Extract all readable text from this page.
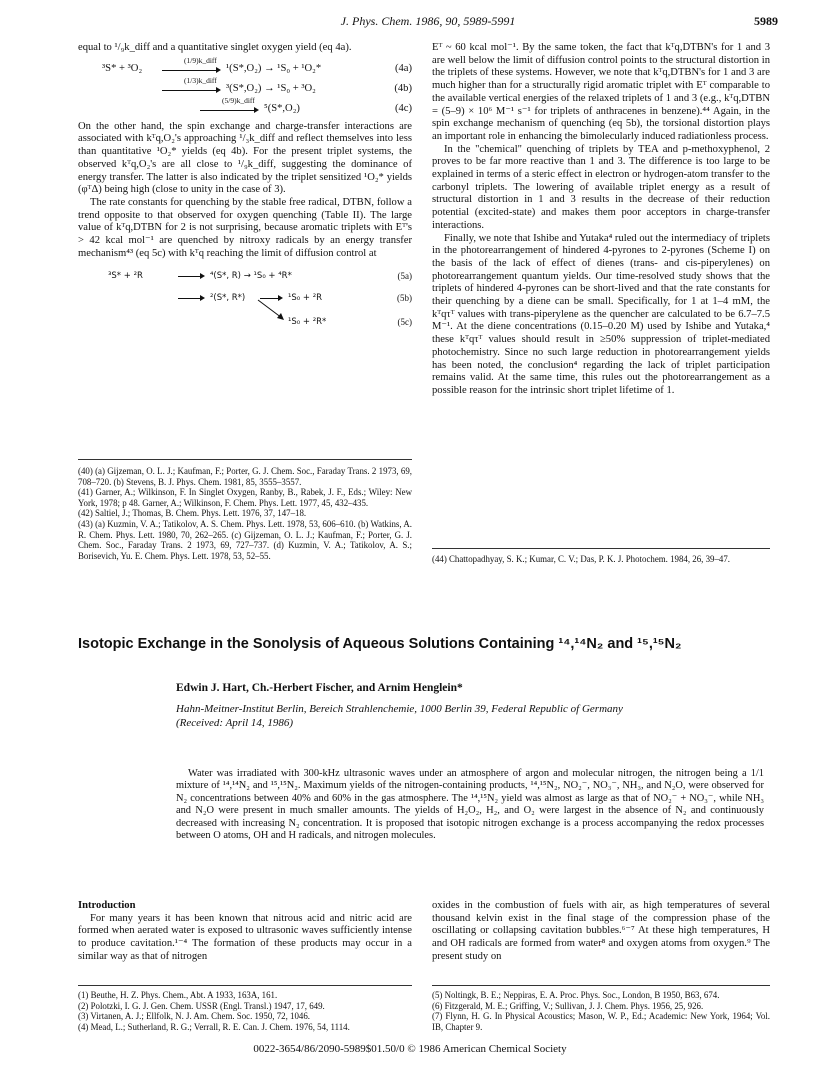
J. Phys. Chem. 1986, 90, 5989-5991	5989

equal to ¹/₉k_diff and a quantitative singlet oxygen yield (eq 4a).

³S* + ³O₂
(1/9)k_diff
¹(S*,O₂) → ¹S₀ + ¹O₂*	(4a)
(1/3)k_diff
³(S*,O₂) → ¹S₀ + ³O₂	(4b)
(5/9)k_diff
⁵(S*,O₂)	(4c)

On the other hand, the spin exchange and charge-transfer interactions are associated with kᵀq,O₂'s approaching ¹/₃k_diff and reflect themselves into less than quantitative ¹O₂* yields (eq 4b). For the present triplet systems, the observed kᵀq,O₂'s are all close to ¹/₉k_diff, suggesting the dominance of energy transfer. The latter is also indicated by the triplet sensitized ¹O₂* yields (φᵀΔ) being high (close to unity in the case of 3).

The rate constants for quenching by the stable free radical, DTBN, follow a trend opposite to that observed for oxygen quenching (Table II). The large value of kᵀq,DTBN for 2 is not surprising, because aromatic triplets with Eᵀ's > 42 kcal mol⁻¹ are quenched by nitroxy radicals by an energy transfer mechanism⁴³ (eq 5c) with kᵀq reaching the limit of diffusion control at

³S* + ²R	⁴(S*, R) → ¹S₀ + ⁴R*	(5a)
²(S*, R*)	¹S₀ + ²R	(5b)
¹S₀ + ²R*	(5c)
(40) (a) Gijzeman, O. L. J.; Kaufman, F.; Porter, G. J. Chem. Soc., Faraday Trans. 2 1973, 69, 708–720. (b) Stevens, B. J. Phys. Chem. 1981, 85, 3555–3557.
(41) Garner, A.; Wilkinson, F. In Singlet Oxygen, Ranby, B., Rabek, J. F., Eds.; Wiley: New York, 1978; p 48. Garner, A.; Wilkinson, F. Chem. Phys. Lett. 1977, 45, 432–435.
(42) Saltiel, J.; Thomas, B. Chem. Phys. Lett. 1976, 37, 147–18.
(43) (a) Kuzmin, V. A.; Tatikolov, A. S. Chem. Phys. Lett. 1978, 53, 606–610. (b) Watkins, A. R. Chem. Phys. Lett. 1980, 70, 262–265. (c) Gijzeman, O. L. J.; Kaufman, F.; Porter, G. J. Chem. Soc., Faraday Trans. 2 1973, 69, 727–737. (d) Kuzmin, V. A.; Tatikolov, A. S.; Borisevich, Yu. E. Chem. Phys. Lett. 1978, 53, 52–55.

Eᵀ ~ 60 kcal mol⁻¹. By the same token, the fact that kᵀq,DTBN's for 1 and 3 are well below the limit of diffusion control points to the structural distortion in the triplets of these systems. However, we note that kᵀq,DTBN's for 1 and 3 are much higher than for a structurally rigid aromatic triplet with Eᵀ comparable to the available vertical energies of the relaxed triplets of 1 and 3 (e.g., kᵀq,DTBN = (5–9) × 10⁶ M⁻¹ s⁻¹ for triplets of anthracenes in benzene).⁴⁴ Again, in the spin exchange mechanism of quenching (eq 5b), the torsional distortion plays an important role in enhancing the bimolecularly induced radiationless process.

In the "chemical" quenching of triplets by TEA and p-methoxyphenol, 2 proves to be far more reactive than 1 and 3. The difference is too large to be explained in terms of a steric effect in electron or hydrogen-atom transfer to the carbonyl triplets. The lowering of available triplet energy as a result of structural distortion in 1 and 3 results in the decrease of their reduction potential (excited-state) and makes them poor acceptors in charge-transfer interactions.

Finally, we note that Ishibe and Yutaka⁴ ruled out the intermediacy of triplets in the photorearrangement of hindered 4-pyrones to 2-pyrones (Scheme I) on the basis of the lack of effect of dienes (trans- and cis-piperylenes) on photorearrangement quantum yields. Our time-resolved study shows that the triplets of hindered 4-pyrones can be short-lived and that the rate constants for their quenching by a diene can be small. Specifically, for 1 at 1–4 mM, the kᵀqτᵀ values with trans-piperylene as the quencher are calculated to be 6.7–7.5 M⁻¹. At the diene concentrations (0.15–0.20 M) used by Ishibe and Yutaka,⁴ these kᵀqτᵀ values should result in ≥50% suppression of triplet-mediated photochemistry. Since no such large reduction in photorearrangement yields has been noted, the conclusion⁴ regarding the lack of triplet participation remains valid. At the same time, this rules out the photorearrangement as a possible reason for the intrinsic short triplet lifetime of 1.

(44) Chattopadhyay, S. K.; Kumar, C. V.; Das, P. K. J. Photochem. 1984, 26, 39–47.
Isotopic Exchange in the Sonolysis of Aqueous Solutions Containing ¹⁴,¹⁴N₂ and ¹⁵,¹⁵N₂
Edwin J. Hart, Ch.-Herbert Fischer, and Arnim Henglein*
Hahn-Meitner-Institut Berlin, Bereich Strahlenchemie, 1000 Berlin 39, Federal Republic of Germany
(Received: April 14, 1986)
Water was irradiated with 300-kHz ultrasonic waves under an atmosphere of argon and molecular nitrogen, the nitrogen being a 1/1 mixture of ¹⁴,¹⁴N₂ and ¹⁵,¹⁵N₂. Maximum yields of the nitrogen-containing products, ¹⁴,¹⁵N₂, NO₂⁻, NO₃⁻, NH₃, and N₂O, were observed for N₂ concentrations between 40% and 60% in the gas atmosphere. The ¹⁴,¹⁵N₂ yield was almost as large as that of NO₂⁻ + NO₃⁻, while NH₃ and N₂O were present in much smaller amounts. The yields of H₂O₂, H₂, and O₂ were largest in the absence of N₂ and continuously decreased with increasing N₂ concentration. It is proposed that isotopic nitrogen exchange is a process accompanying the redox processes between O atoms, OH and H radicals, and nitrogen molecules.

Introduction

For many years it has been known that nitrous acid and nitric acid are formed when aerated water is exposed to ultrasonic waves sufficiently intense to produce cavitation.¹⁻⁴ The formation of these products may occur in a similar way as that of nitrogen

oxides in the combustion of fuels with air, as high temperatures of several thousand kelvin exist in the final stage of the compression phase of the oscillating or collapsing cavitation bubbles.⁶⁻⁷ At these high temperatures, H and OH radicals are formed from water⁸ and oxygen atoms from oxygen.⁹ The present study on

(1) Beuthe, H. Z. Phys. Chem., Abt. A 1933, 163A, 161.
(2) Polotzki, I. G. J. Gen. Chem. USSR (Engl. Transl.) 1947, 17, 649.
(3) Virtanen, A. J.; Ellfolk, N. J. Am. Chem. Soc. 1950, 72, 1046.
(4) Mead, L.; Sutherland, R. G.; Verrall, R. E. Can. J. Chem. 1976, 54, 1114.
(5) Noltingk, B. E.; Neppiras, E. A. Proc. Phys. Soc., London, B 1950, B63, 674.
(6) Fitzgerald, M. E.; Griffing, V.; Sullivan, J. J. Chem. Phys. 1956, 25, 926.
(7) Flynn, H. G. In Physical Acoustics; Mason, W. P., Ed.; Academic: New York, 1964; Vol. IB, Chapter 9.
0022-3654/86/2090-5989$01.50/0 © 1986 American Chemical Society
